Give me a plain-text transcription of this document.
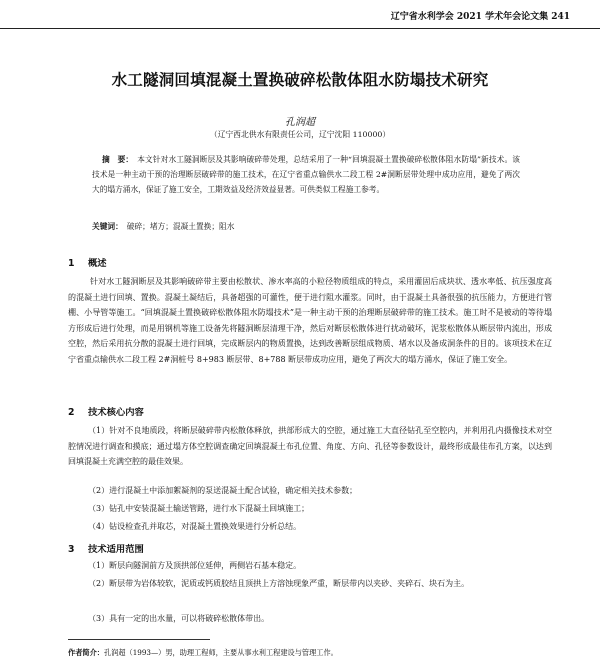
辽宁省水利学会 2021 学术年会论文集 241
水工隧洞回填混凝土置换破碎松散体阻水防塌技术研究
孔润超
（辽宁西北供水有限责任公司，辽宁沈阳 110000）
摘　要： 本文针对水工隧洞断层及其影响破碎带处理，总结采用了一种“回填混凝土置换破碎松散体阻水防塌”新技术。该技术是一种主动干预的治理断层破碎带的施工技术，在辽宁省重点输供水二段工程 2#洞断层带处理中成功应用，避免了两次大的塌方涌水，保证了施工安全，工期效益及经济效益显著。可供类似工程施工参考。
关键词： 破碎；堵方；混凝土置换；阻水
1 概述
针对水工隧洞断层及其影响破碎带主要由松散状、渗水率高的小粒径物质组成的特点，采用灌固后成块状、透水率低、抗压强度高的混凝土进行回填、置换。混凝土凝结后，具备超强的可灌性，便于进行阻水灌浆。同时，由于混凝土具备很强的抗压能力，方便进行管棚、小导管等施工。“回填混凝土置换破碎松散体阻水防塌技术”是一种主动干预的治理断层破碎带的施工技术。施工时不是被动的等待塌方形成后进行处理，而是用钢机等施工设备先将隧洞断层清理干净，然后对断层松散体进行扰动破坏，泥浆松散体从断层带内流出，形成空腔，然后采用抗分散的混凝土进行回填，完成断层内的物质置换，达到改善断层组成物质、堵水以及备成洞条件的目的。该项技术在辽宁省重点输供水二段工程 2#洞桩号 8+983 断层带、8+788 断层带成功应用，避免了两次大的塌方涌水，保证了施工安全。
2 技术核心内容
（1）针对不良地质段，将断层破碎带内松散体释放，拱部形成大的空腔，通过施工大直径钻孔至空腔内，并利用孔内摄像技术对空腔情况进行调查和摸底；通过塌方体空腔调查确定回填混凝土布孔位置、角度、方向、孔径等参数设计，最终形成最佳布孔方案，以达到回填混凝土充满空腔的最佳效果。
（2）进行混凝土中添加絮凝剂的泵送混凝土配合试验，确定相关技术参数；
（3）钻孔中安装混凝土输送管路，进行水下混凝土回填施工；
（4）钻设检查孔并取芯，对混凝土置换效果进行分析总结。
3 技术适用范围
（1）断层向隧洞前方及顶拱部位延伸，两侧岩石基本稳定。
（2）断层带为岩体较软，泥质或钙质胶结且顶拱上方溶蚀现象严重，断层带内以夹砂、夹碎石、块石为主。
（3）具有一定的出水量，可以将破碎松散体带出。
作者简介：孔润超（1993—）男，助理工程师，主要从事水利工程建设与管理工作。
